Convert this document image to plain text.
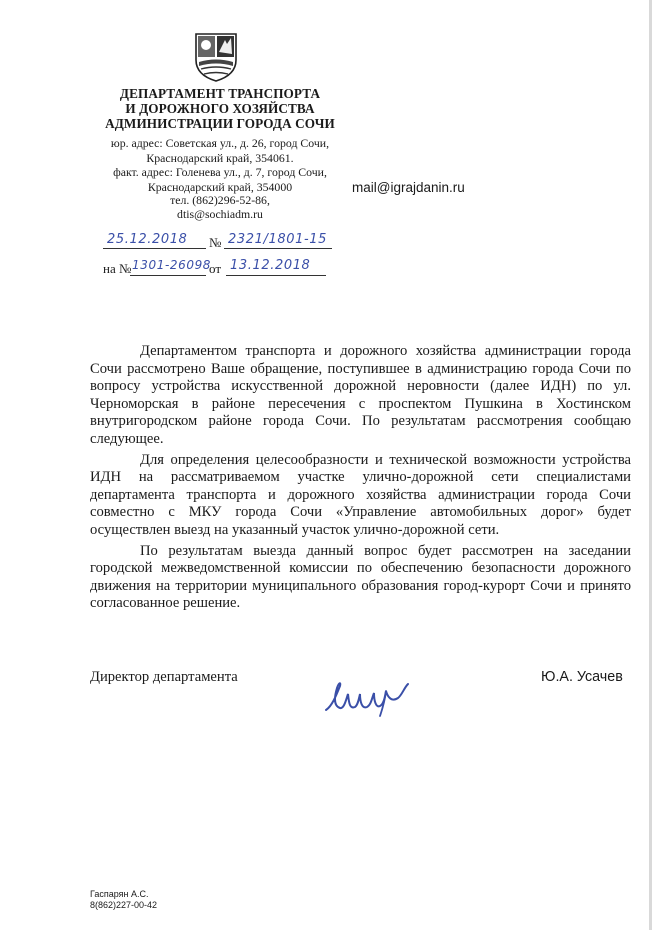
ДЕПАРТАМЕНТ ТРАНСПОРТА
И ДОРОЖНОГО ХОЗЯЙСТВА
АДМИНИСТРАЦИИ ГОРОДА СОЧИ
юр. адрес: Советская ул., д. 26, город Сочи,
Краснодарский край, 354061.
факт. адрес: Голенева ул., д. 7, город Сочи,
Краснодарский край, 354000
тел. (862)296-52-86,
dtis@sochiadm.ru
mail@igrajdanin.ru
25.12.2018 № 2321/1801-15
на № 1301-26098
от 13.12.2018

Департаментом транспорта и дорожного хозяйства администрации города Сочи рассмотрено Ваше обращение, поступившее в администрацию города Сочи по вопросу устройства искусственной дорожной неровности (далее ИДН) по ул. Черноморская в районе пересечения с проспектом Пушкина в Хостинском внутригородском районе города Сочи. По результатам рассмотрения сообщаю следующее.

Для определения целесообразности и технической возможности устройства ИДН на рассматриваемом участке улично-дорожной сети специалистами департамента транспорта и дорожного хозяйства администрации города Сочи совместно с МКУ города Сочи «Управление автомобильных дорог» будет осуществлен выезд на указанный участок улично-дорожной сети.

По результатам выезда данный вопрос будет рассмотрен на заседании городской межведомственной комиссии по обеспечению безопасности дорожного движения на территории муниципального образования город-курорт Сочи и принято согласованное решение.

Директор департамента	Ю.А. Усачев
Гаспарян А.С.
8(862)227-00-42
